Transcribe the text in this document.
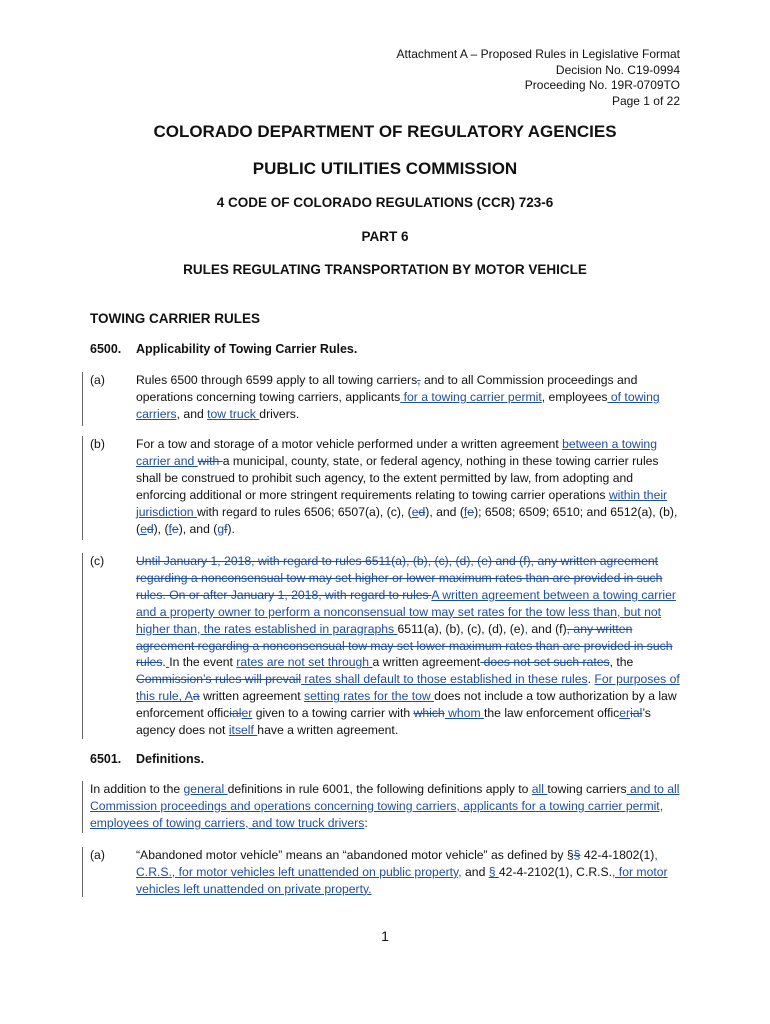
Attachment A – Proposed Rules in Legislative Format
Decision No. C19-0994
Proceeding No. 19R-0709TO
Page 1 of 22
COLORADO DEPARTMENT OF REGULATORY AGENCIES
PUBLIC UTILITIES COMMISSION
4 CODE OF COLORADO REGULATIONS (CCR) 723-6
PART 6
RULES REGULATING TRANSPORTATION BY MOTOR VEHICLE
TOWING CARRIER RULES
6500. Applicability of Towing Carrier Rules.
(a)	Rules 6500 through 6599 apply to all towing carriers, and to all Commission proceedings and operations concerning towing carriers, applicants for a towing carrier permit, employees of towing carriers, and tow truck drivers.
(b)	For a tow and storage of a motor vehicle performed under a written agreement between a towing carrier and with a municipal, county, state, or federal agency, nothing in these towing carrier rules shall be construed to prohibit such agency, to the extent permitted by law, from adopting and enforcing additional or more stringent requirements relating to towing carrier operations within their jurisdiction with regard to rules 6506; 6507(a), (c), (ed), and (fe); 6508; 6509; 6510; and 6512(a), (b), (ed), (fe), and (gf).
(c)	Until January 1, 2018, with regard to rules 6511(a), (b), (c), (d), (e) and (f), any written agreement regarding a nonconsensual tow may set higher or lower maximum rates than are provided in such rules. On or after January 1, 2018, with regard to rules A written agreement between a towing carrier and a property owner to perform a nonconsensual tow may set rates for the tow less than, but not higher than, the rates established in paragraphs 6511(a), (b), (c), (d), (e), and (f), any written agreement regarding a nonconsensual tow may set lower maximum rates than are provided in such rules. In the event rates are not set through a written agreement does not set such rates, the Commission’s rules will prevail rates shall default to those established in these rules. For purposes of this rule, Aa written agreement setting rates for the tow does not include a tow authorization by a law enforcement officialer given to a towing carrier with which whom the law enforcement officerial’s agency does not itself have a written agreement.
6501. Definitions.
In addition to the general definitions in rule 6001, the following definitions apply to all towing carriers and to all Commission proceedings and operations concerning towing carriers, applicants for a towing carrier permit, employees of towing carriers, and tow truck drivers:
(a)	“Abandoned motor vehicle” means an “abandoned motor vehicle” as defined by §§ 42-4-1802(1), C.R.S., for motor vehicles left unattended on public property, and § 42-4-2102(1), C.R.S., for motor vehicles left unattended on private property.
1
